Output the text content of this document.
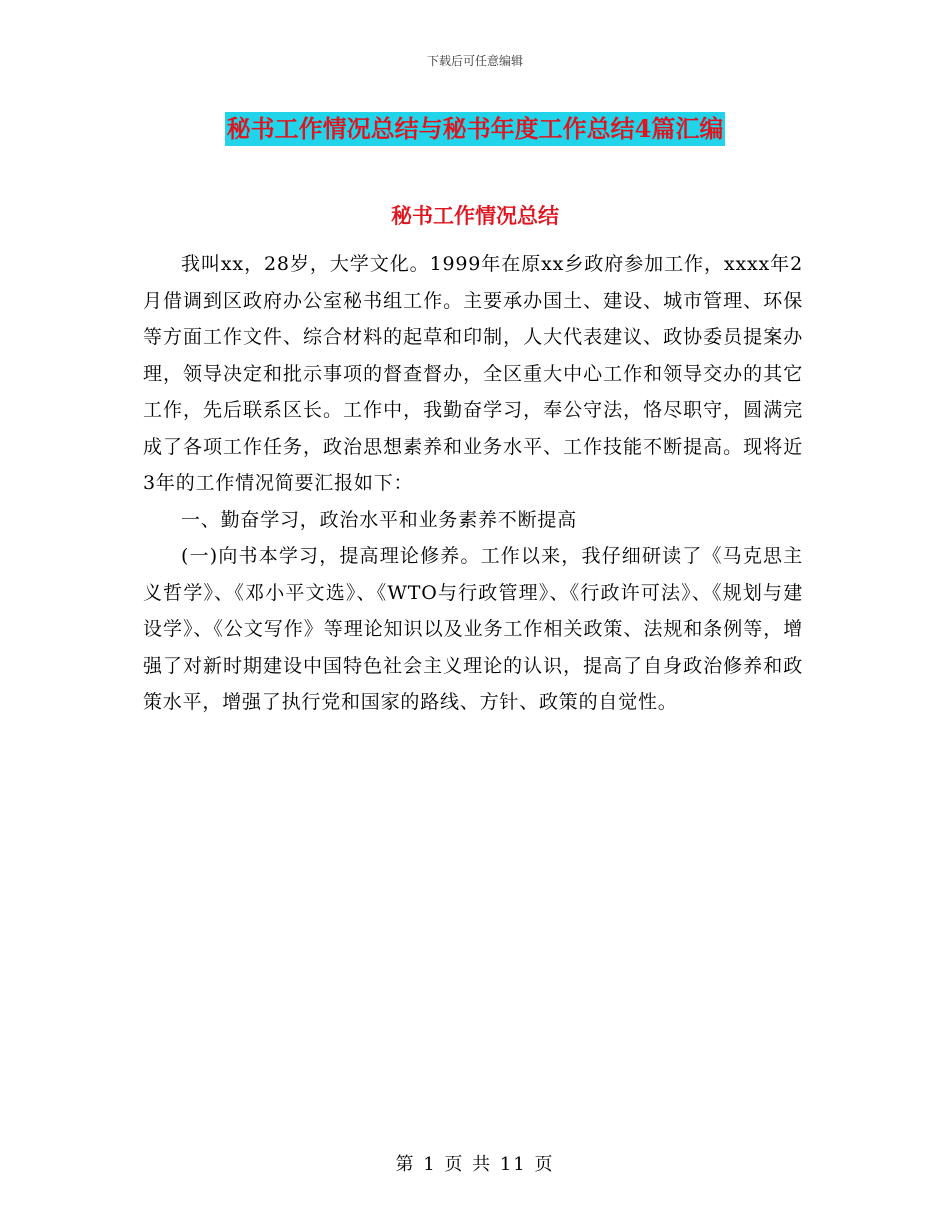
下载后可任意编辑
秘书工作情况总结与秘书年度工作总结4篇汇编
秘书工作情况总结

我叫xx，28岁，大学文化。1999年在原xx乡政府参加工作，xxxx年2月借调到区政府办公室秘书组工作。主要承办国土、建设、城市管理、环保等方面工作文件、综合材料的起草和印制，人大代表建议、政协委员提案办理，领导决定和批示事项的督查督办，全区重大中心工作和领导交办的其它工作，先后联系区长。工作中，我勤奋学习，奉公守法，恪尽职守，圆满完成了各项工作任务，政治思想素养和业务水平、工作技能不断提高。现将近3年的工作情况简要汇报如下：

一、勤奋学习，政治水平和业务素养不断提高

(一)向书本学习，提高理论修养。工作以来，我仔细研读了《马克思主义哲学》、《邓小平文选》、《WTO与行政管理》、《行政许可法》、《规划与建设学》、《公文写作》等理论知识以及业务工作相关政策、法规和条例等，增强了对新时期建设中国特色社会主义理论的认识，提高了自身政治修养和政策水平，增强了执行党和国家的路线、方针、政策的自觉性。

第 1 页 共 11 页
